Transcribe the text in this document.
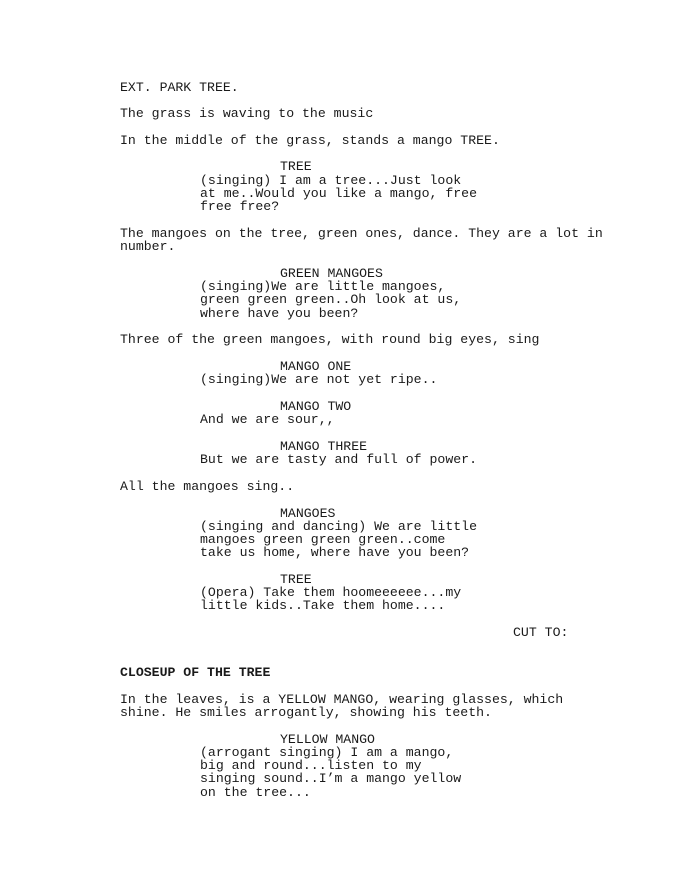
EXT. PARK TREE.
The grass is waving to the music
In the middle of the grass, stands a mango TREE.
TREE
(singing) I am a tree...Just look
at me..Would you like a mango, free
free free?
The mangoes on the tree, green ones, dance. They are a lot in
number.
GREEN MANGOES
(singing)We are little mangoes,
green green green..Oh look at us,
where have you been?
Three of the green mangoes, with round big eyes, sing
MANGO ONE
(singing)We are not yet ripe..
MANGO TWO
And we are sour,,
MANGO THREE
But we are tasty and full of power.
All the mangoes sing..
MANGOES
(singing and dancing) We are little
mangoes green green green..come
take us home, where have you been?
TREE
(Opera) Take them hoomeeeeee...my
little kids..Take them home....
CUT TO:
CLOSEUP OF THE TREE
In the leaves, is a YELLOW MANGO, wearing glasses, which
shine. He smiles arrogantly, showing his teeth.
YELLOW MANGO
(arrogant singing) I am a mango,
big and round...listen to my
singing sound..I’m a mango yellow
on the tree...
